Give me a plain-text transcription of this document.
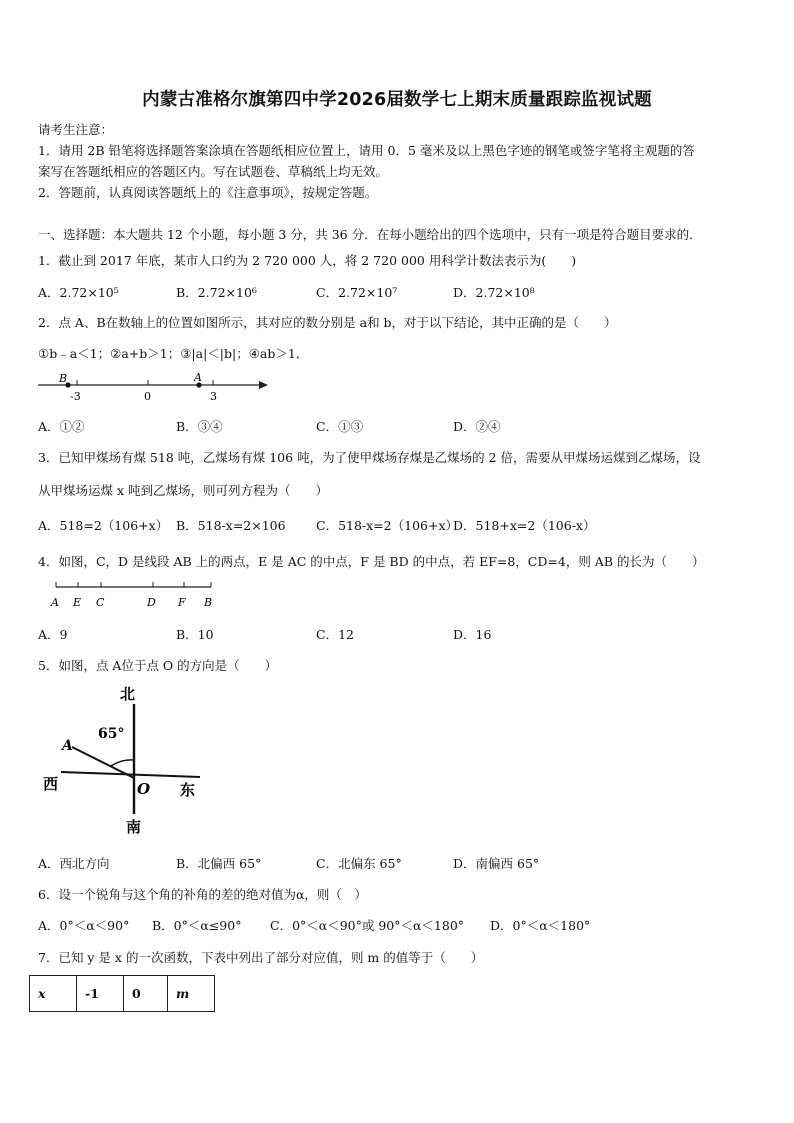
内蒙古准格尔旗第四中学2026届数学七上期末质量跟踪监视试题
请考生注意：
1．请用 2B 铅笔将选择题答案涂填在答题纸相应位置上，请用 0．5 毫米及以上黑色字迹的钢笔或签字笔将主观题的答
案写在答题纸相应的答题区内。写在试题卷、草稿纸上均无效。
2．答题前，认真阅读答题纸上的《注意事项》，按规定答题。
一、选择题：本大题共 12 个小题，每小题 3 分，共 36 分．在每小题给出的四个选项中，只有一项是符合题目要求的．
1．截止到 2017 年底，某市人口约为 2 720 000 人，将 2 720 000 用科学计数法表示为(　　)
A．2.72×10⁵	B．2.72×10⁶	C．2.72×10⁷	D．2.72×10⁸
2．点 A、B在数轴上的位置如图所示，其对应的数分别是 a和 b，对于以下结论，其中正确的是（　　）
①b﹣a＜1；②a+b＞1；③|a|＜|b|；④ab＞1．
B	A
-3	0	3
A．①②	B．③④	C．①③	D．②④
3．已知甲煤场有煤 518 吨，乙煤场有煤 106 吨，为了使甲煤场存煤是乙煤场的 2 倍，需要从甲煤场运煤到乙煤场，设
从甲煤场运煤 x 吨到乙煤场，则可列方程为（　　）
A．518=2（106+x） B．518-x=2×106 C．518-x=2（106+x）
D．518+x=2（106-x）
4．如图，C，D 是线段 AB 上的两点，E 是 AC 的中点，F 是 BD 的中点，若 EF=8，CD=4，则 AB 的长为（　　）
A E C	D F B
A．9	B．10	C．12	D．16
5．如图，点 A位于点 O 的方向是（　　）
北
南
西	东
65°
A
O
A．西北方向	B．北偏西 65°	C．北偏东 65°	D．南偏西 65°
6．设一个锐角与这个角的补角的差的绝对值为α，则（　）
A．0°＜α＜90° B．0°＜α≤90° C．0°＜α＜90°或 90°＜α＜180° D．0°＜α＜180°
7．已知 y 是 x 的一次函数，下表中列出了部分对应值，则 m 的值等于（　　）
x	-1	0	m
